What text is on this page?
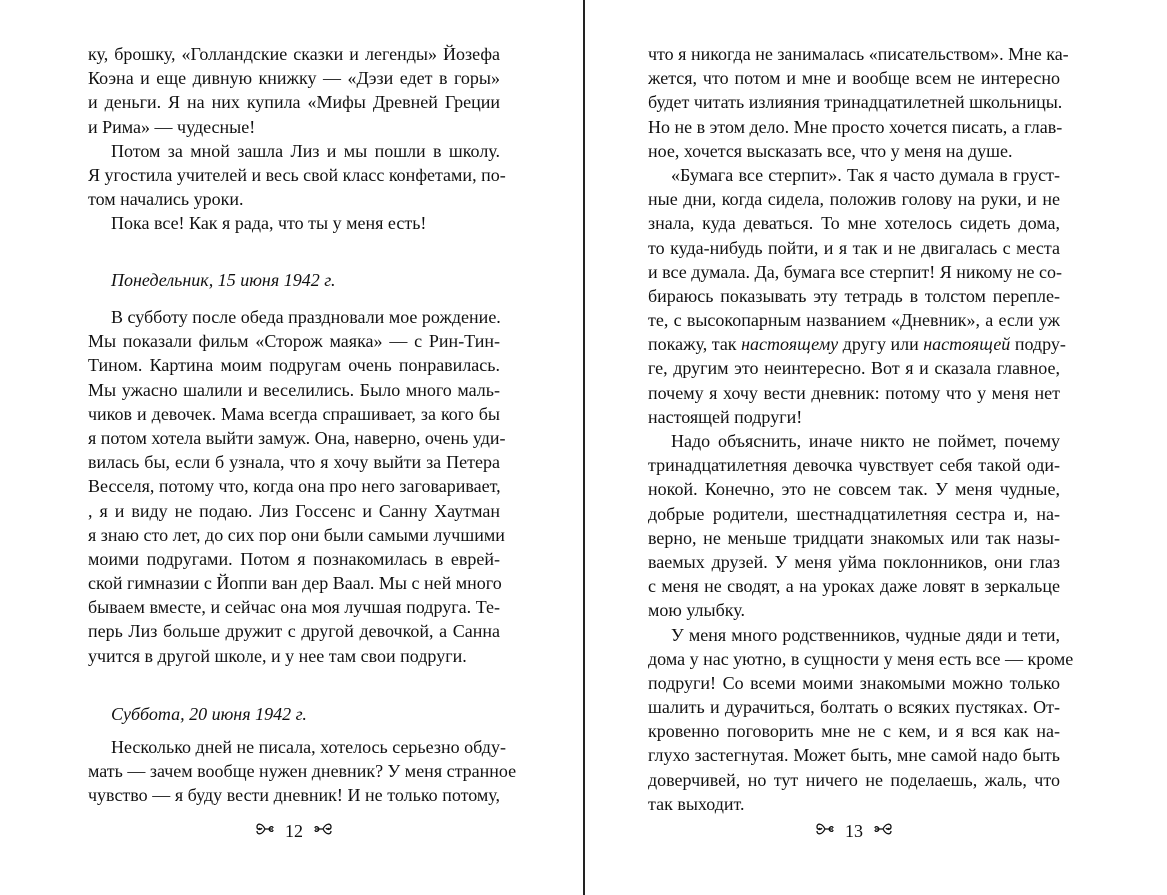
ку, брошку, «Голландские сказки и легенды» Йозефа
Коэна и еще дивную книжку — «Дэзи едет в горы»
и деньги. Я на них купила «Мифы Древней Греции
и Рима» — чудесные!
Потом за мной зашла Лиз и мы пошли в школу.
Я угостила учителей и весь свой класс конфетами, по-
том начались уроки.
Пока все! Как я рада, что ты у меня есть!
Понедельник, 15 июня 1942 г.
В субботу после обеда праздновали мое рождение.
Мы показали фильм «Сторож маяка» — с Рин-Тин-
Тином. Картина моим подругам очень понравилась.
Мы ужасно шалили и веселились. Было много маль-
чиков и девочек. Мама всегда спрашивает, за кого бы
я потом хотела выйти замуж. Она, наверно, очень уди-
вилась бы, если б узнала, что я хочу выйти за Петера
Весселя, потому что, когда она про него заговаривает,
, я и виду не подаю. Лиз Госсенс и Санну Хаутман
я знаю сто лет, до сих пор они были самыми лучшими
моими подругами. Потом я познакомилась в еврей-
ской гимназии с Йоппи ван дер Ваал. Мы с ней много
бываем вместе, и сейчас она моя лучшая подруга. Те-
перь Лиз больше дружит с другой девочкой, а Санна
учится в другой школе, и у нее там свои подруги.
Суббота, 20 июня 1942 г.
Несколько дней не писала, хотелось серьезно обду-
мать — зачем вообще нужен дневник? У меня странное
чувство — я буду вести дневник! И не только потому,
12
что я никогда не занималась «писательством». Мне ка-
жется, что потом и мне и вообще всем не интересно
будет читать излияния тринадцатилетней школьницы.
Но не в этом дело. Мне просто хочется писать, а глав-
ное, хочется высказать все, что у меня на душе.
«Бумага все стерпит». Так я часто думала в груст-
ные дни, когда сидела, положив голову на руки, и не
знала, куда деваться. То мне хотелось сидеть дома,
то куда-нибудь пойти, и я так и не двигалась с места
и все думала. Да, бумага все стерпит! Я никому не со-
бираюсь показывать эту тетрадь в толстом перепле-
те, с высокопарным названием «Дневник», а если уж
покажу, так настоящему другу или настоящей подру-
ге, другим это неинтересно. Вот я и сказала главное,
почему я хочу вести дневник: потому что у меня нет
настоящей подруги!
Надо объяснить, иначе никто не поймет, почему
тринадцатилетняя девочка чувствует себя такой оди-
нокой. Конечно, это не совсем так. У меня чудные,
добрые родители, шестнадцатилетняя сестра и, на-
верно, не меньше тридцати знакомых или так назы-
ваемых друзей. У меня уйма поклонников, они глаз
с меня не сводят, а на уроках даже ловят в зеркальце
мою улыбку.
У меня много родственников, чудные дяди и тети,
дома у нас уютно, в сущности у меня есть все — кроме
подруги! Со всеми моими знакомыми можно только
шалить и дурачиться, болтать о всяких пустяках. От-
кровенно поговорить мне не с кем, и я вся как на-
глухо застегнутая. Может быть, мне самой надо быть
доверчивей, но тут ничего не поделаешь, жаль, что
так выходит.
13
